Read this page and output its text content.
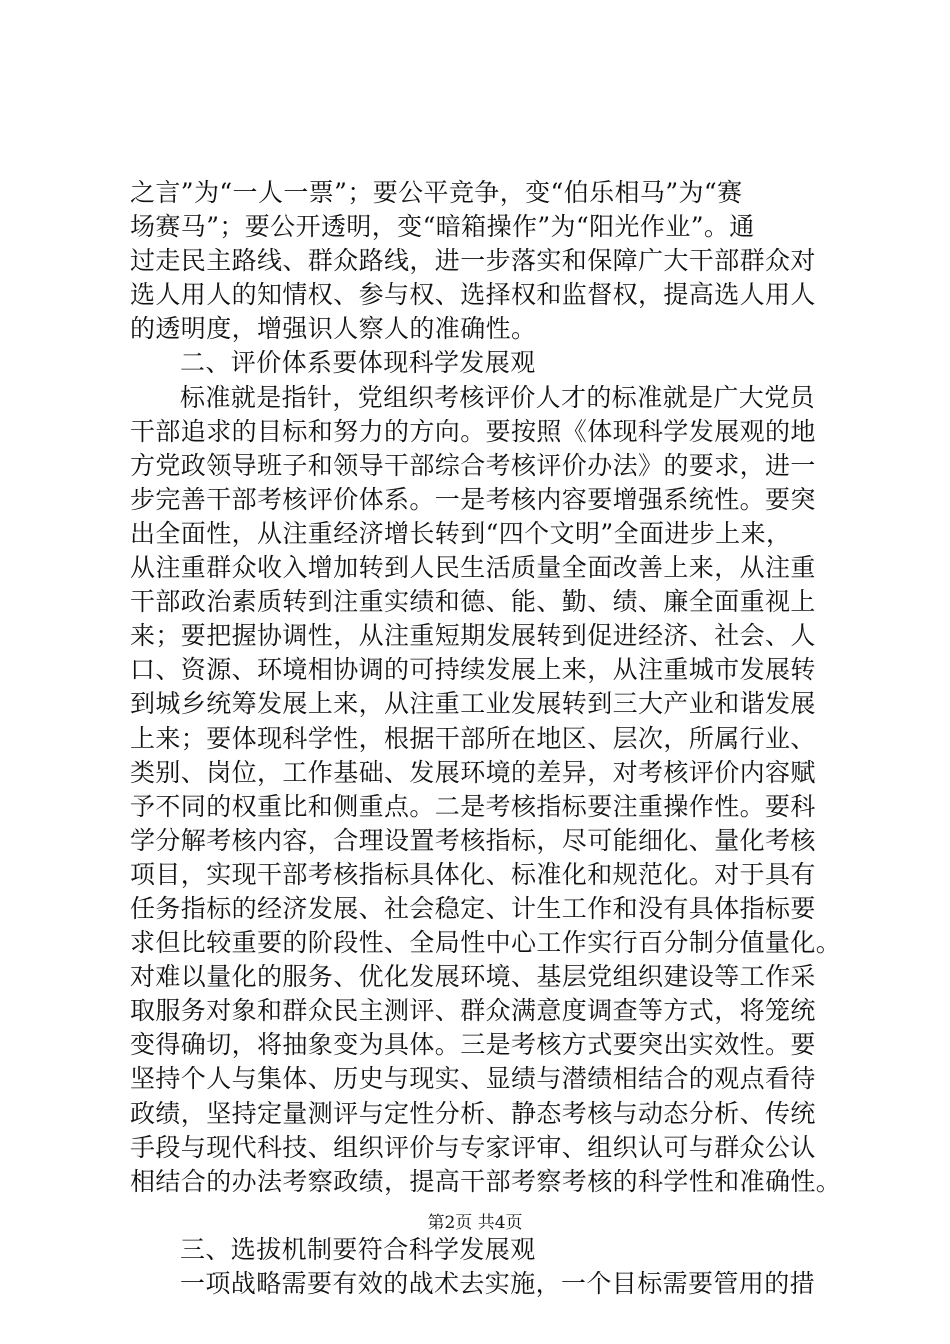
之言”为“一人一票”；要公平竞争，变“伯乐相马”为“赛
场赛马”；要公开透明，变“暗箱操作”为“阳光作业”。通
过走民主路线、群众路线，进一步落实和保障广大干部群众对
选人用人的知情权、参与权、选择权和监督权，提高选人用人
的透明度，增强识人察人的准确性。
二、评价体系要体现科学发展观
标准就是指针，党组织考核评价人才的标准就是广大党员
干部追求的目标和努力的方向。要按照《体现科学发展观的地
方党政领导班子和领导干部综合考核评价办法》的要求，进一
步完善干部考核评价体系。一是考核内容要增强系统性。要突
出全面性，从注重经济增长转到“四个文明”全面进步上来，
从注重群众收入增加转到人民生活质量全面改善上来，从注重
干部政治素质转到注重实绩和德、能、勤、绩、廉全面重视上
来；要把握协调性，从注重短期发展转到促进经济、社会、人
口、资源、环境相协调的可持续发展上来，从注重城市发展转
到城乡统筹发展上来，从注重工业发展转到三大产业和谐发展
上来；要体现科学性，根据干部所在地区、层次，所属行业、
类别、岗位，工作基础、发展环境的差异，对考核评价内容赋
予不同的权重比和侧重点。二是考核指标要注重操作性。要科
学分解考核内容，合理设置考核指标，尽可能细化、量化考核
项目，实现干部考核指标具体化、标准化和规范化。对于具有
任务指标的经济发展、社会稳定、计生工作和没有具体指标要
求但比较重要的阶段性、全局性中心工作实行百分制分值量化。
对难以量化的服务、优化发展环境、基层党组织建设等工作采
取服务对象和群众民主测评、群众满意度调查等方式，将笼统
变得确切，将抽象变为具体。三是考核方式要突出实效性。要
坚持个人与集体、历史与现实、显绩与潜绩相结合的观点看待
政绩，坚持定量测评与定性分析、静态考核与动态分析、传统
手段与现代科技、组织评价与专家评审、组织认可与群众公认
相结合的办法考察政绩，提高干部考察考核的科学性和准确性。
三、选拔机制要符合科学发展观
一项战略需要有效的战术去实施，一个目标需要管用的措
第2页 共4页
